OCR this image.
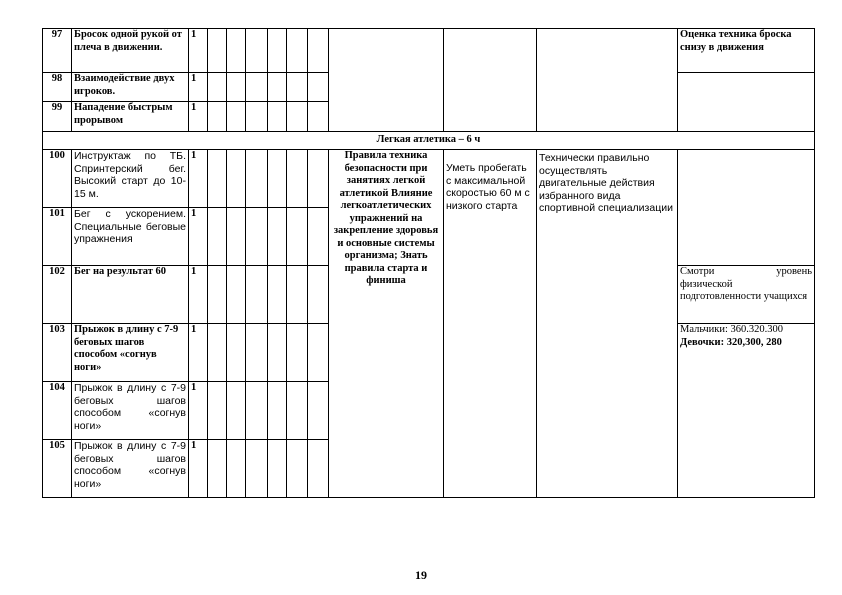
97	Бросок одной рукой от плеча в движении.	1										Оценка техника броска снизу в движения
98	Взаимодействие двух игроков.	1										
99	Нападение быстрым прорывом	1										
Легкая атлетика – 6 ч												
100	Инструктаж по ТБ. Спринтерский бег. Высокий старт до 10-15 м.	1							Правила техника безопасности при занятиях легкой атлетикой Влияние легкоатлетических упражнений на закрепление здоровья и основные системы организма; Знать правила старта и финиша	Уметь пробегать с максимальной скоростью 60 м с низкого старта	Технически правильно осуществлять двигательные действия избранного вида спортивной специализации	
101	Бег с ускорением. Специальные беговые упражнения	1										
102	Бег на результат 60	1										Смотри уровень
физической подготовленности учащихся

103	Прыжок в длину с 7-9 беговых шагов способом «согнув ноги»	1										Мальчики: 360.320.300
Девочки: 320,300, 280

104	Прыжок в длину с 7-9 беговых шагов способом «согнув ноги»	1										
105	Прыжок в длину с 7-9 беговых шагов способом «согнув ноги»	1										
19
